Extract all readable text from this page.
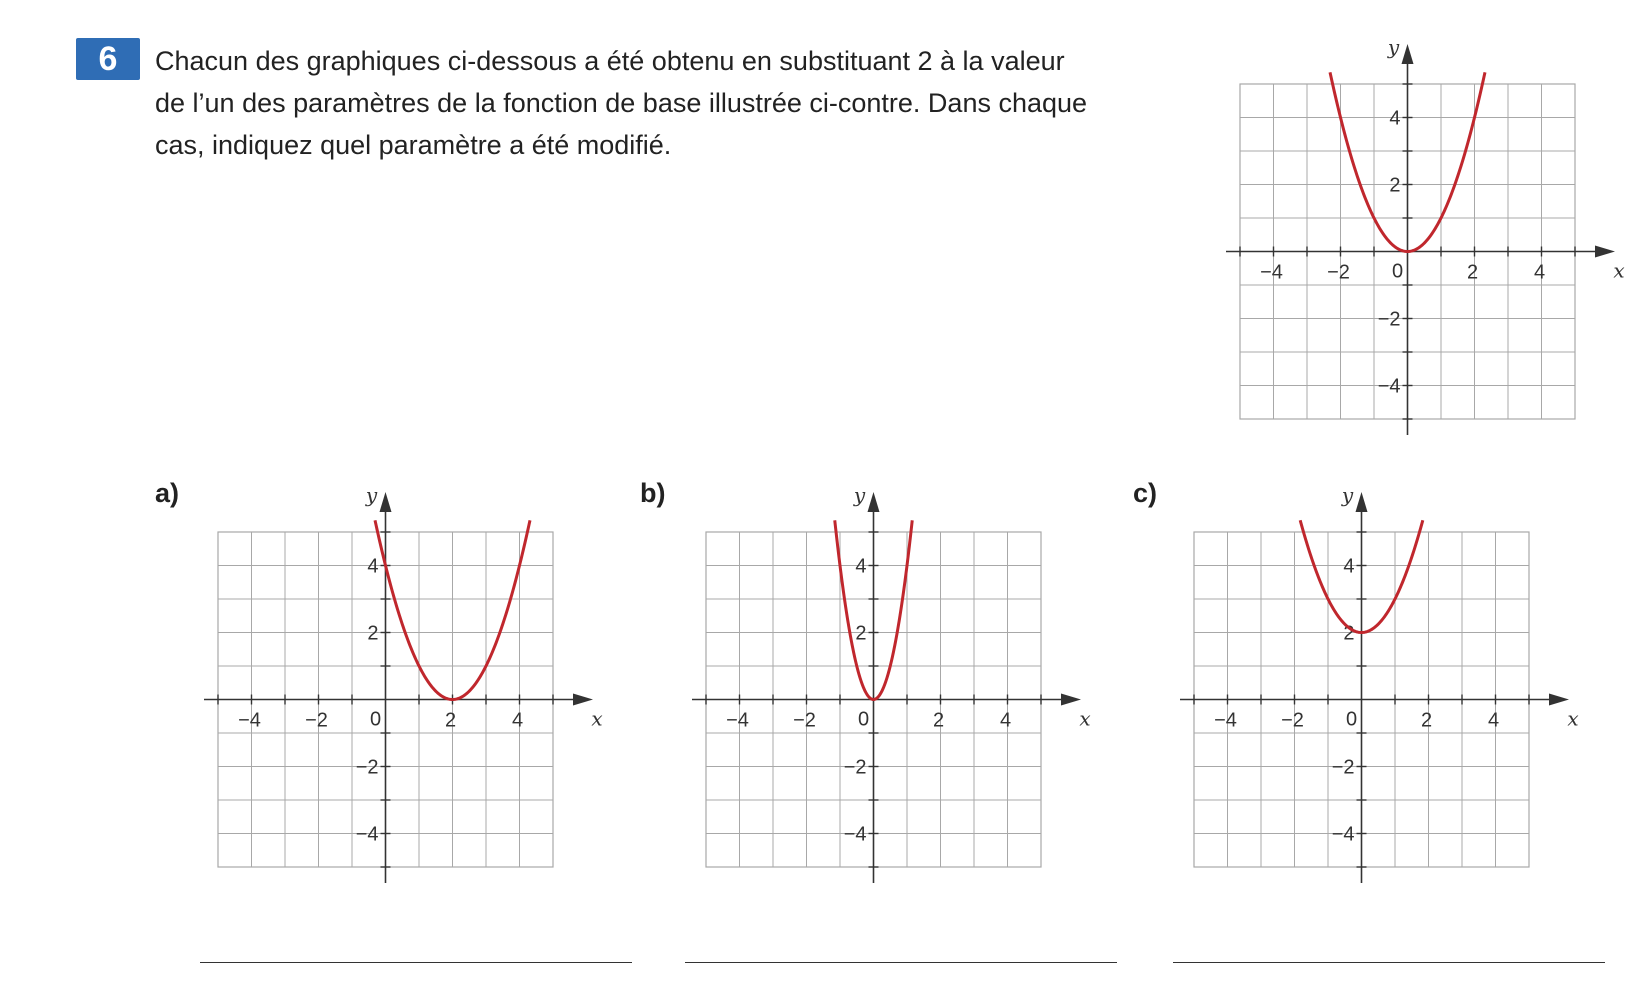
6	Chacun des graphiques ci-dessous a été obtenu en substituant 2 à la valeur
de l’un des paramètres de la fonction de base illustrée ci-contre. Dans chaque
cas, indiquez quel paramètre a été modifié.
−4 −2	2	4
4
2
−2
−4
0	x
y
a)
−4 −2	2	4
4
2
−2
−4
0	x
y	b)
−4 −2	2	4
4
2
−2
−4
0	x
y	c)
−4 −2	2	4
4
2
−2
−4
0	x
y
